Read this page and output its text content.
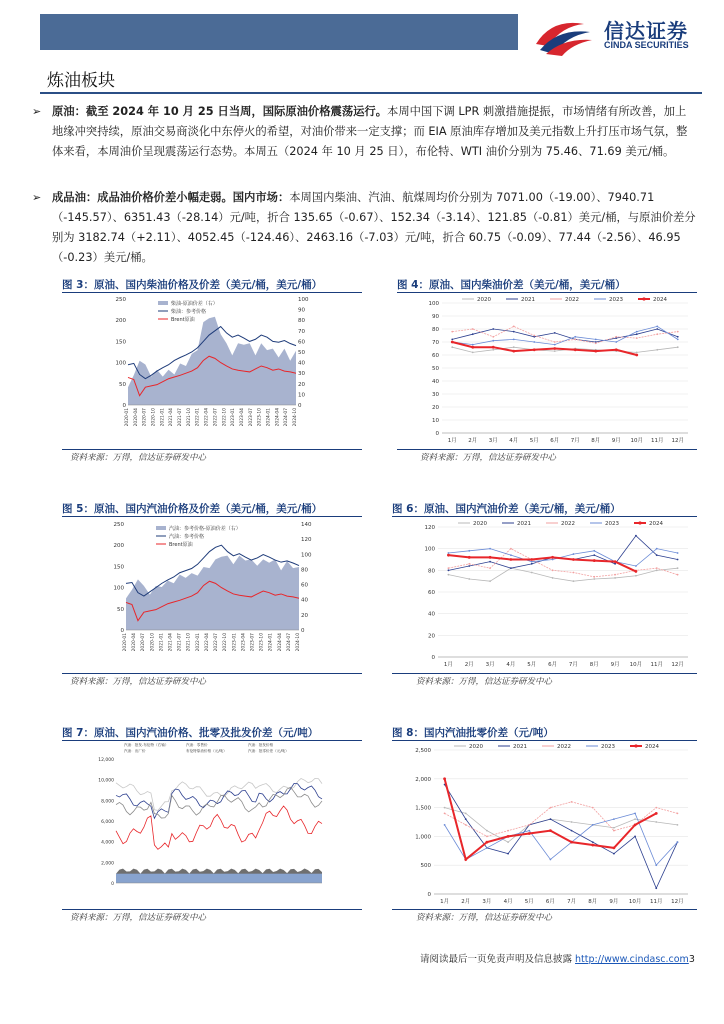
信达证券
CINDA SECURITIES
炼油板块
➢ 原油：截至 2024 年 10 月 25 日当周，国际原油价格震荡运行。本周中国下调 LPR 刺激措施提振，市场情绪有所改善，加上地缘冲突持续，原油交易商淡化中东停火的希望，对油价带来一定支撑；而 EIA 原油库存增加及美元指数上升打压市场气氛，整体来看，本周油价呈现震荡运行态势。本周五（2024 年 10 月 25 日），布伦特、WTI 油价分别为 75.46、71.69 美元/桶。
➢ 成品油：成品油价格价差小幅走弱。国内市场：本周国内柴油、汽油、航煤周均价分别为 7071.00（-19.00）、7940.71（-145.57）、6351.43（-28.14）元/吨，折合 135.65（-0.67）、152.34（-3.14）、121.85（-0.81）美元/桶，与原油价差分别为 3182.74（+2.11）、4052.45（-124.46）、2463.16（-7.03）元/吨，折合 60.75（-0.09）、77.44（-2.56）、46.95（-0.23）美元/桶。
图 3：原油、国内柴油价格及价差（美元/桶，美元/桶）
0
50
100
150
200
250
0
10
20
30
40
50
60
70
80
90
100
2020-01 2020-04 2020-07 2020-10 2021-01 2021-04 2021-07 2021-10 2022-01 2022-04 2022-07 2022-10 2023-01 2023-04 2023-07 2023-10 2024-01 2024-04 2024-07 2024-10
柴油-原油价差（右）
柴油：参考价格
Brent原油
资料来源：万得，信达证券研发中心
图 4：原油、国内柴油价差（美元/桶，美元/桶）
0
10
20
30
40
50
60
70
80
90
100
1月 2月 3月 4月 5月 6月 7月 8月 9月 10月 11月 12月
2020	2021	2022	2023	2024
资料来源：万得，信达证券研发中心
图 5：原油、国内汽油价格及价差（美元/桶，美元/桶）
0
50
100
150
200
250
0
20
40
60
80
100
120
140
2020-01 2020-04 2020-07 2020-10 2021-01 2021-04 2021-07 2021-10 2022-01 2022-04 2022-07 2022-10 2023-01 2023-04 2023-07 2023-10 2024-01 2024-04 2024-07 2024-10
汽油：参考价格-原油价差（右）
汽油：参考价格
Brent原油
资料来源：万得，信达证券研发中心
图 6：原油、国内汽油价差（美元/桶，美元/桶）
0
20
40
60
80
100
120
1月 2月 3月 4月 5月 6月 7月 8月 9月 10月 11月 12月
2020	2021	2022	2023	2024
资料来源：万得，信达证券研发中心
图 7：原油、国内汽油价格、批零及批发价差（元/吨）
0
2,000
4,000
6,000
8,000
10,000
12,000
汽油：批发-布伦特（右轴）	汽油：零售价	汽油：批发价格
汽油：出厂价	布伦特原油价格（元/吨）	汽油：批零价差（元/吨）
资料来源：万得，信达证券研发中心
图 8：国内汽油批零价差（元/吨）
0
500
1,000
1,500
2,000
2,500
1月 2月 3月 4月 5月 6月 7月 8月 9月 10月 11月 12月
2020	2021	2022	2023	2024
资料来源：万得，信达证券研发中心
请阅读最后一页免责声明及信息披露 http://www.cindasc.com3
